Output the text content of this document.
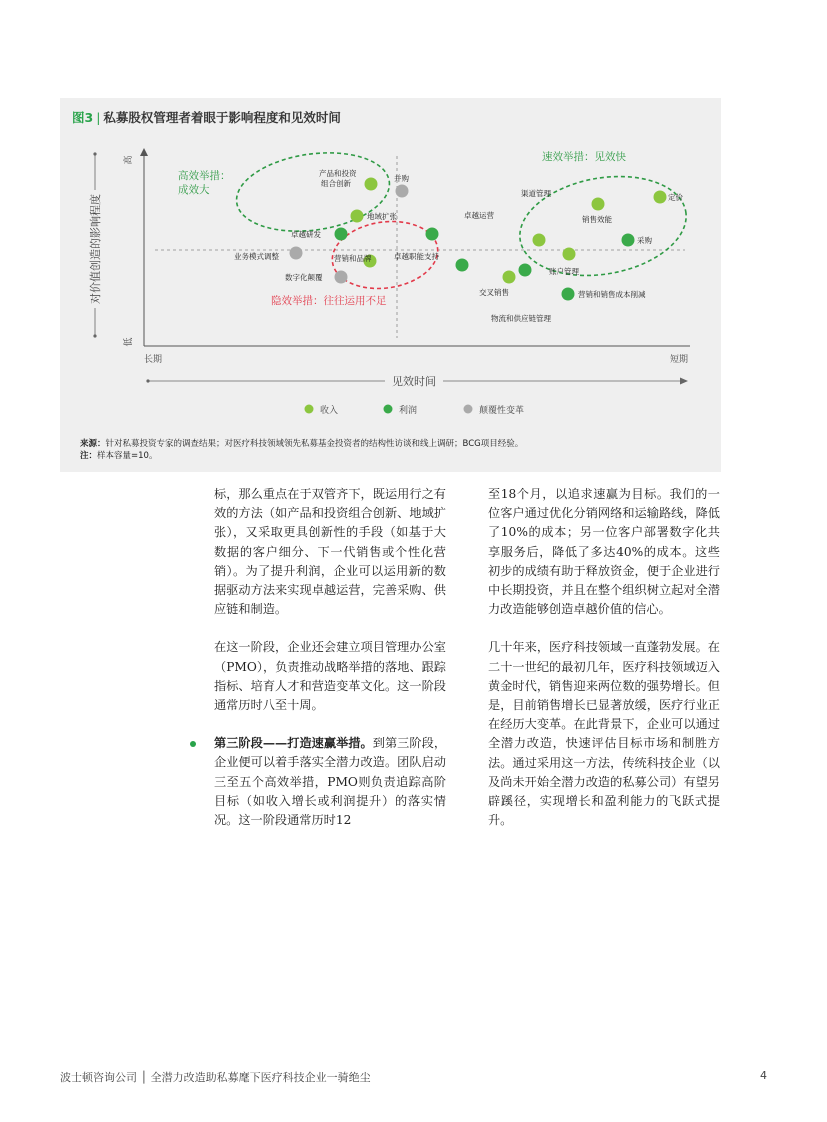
图3 | 私募股权管理者着眼于影响程度和见效时间
对价值创造的影响程度
高
低
长期	短期
见效时间
高效举措：
成效大
速效举措：见效快
隐效举措：往往运用不足
产品和投资
组合创新
并购
地域扩张
卓越研发
卓越运营
渠道管理
销售效能
定价
采购
业务模式调整	营销和品牌	卓越职能支持
数字化颠覆
账户管理
交叉销售
物流和供应链管理
营销和销售成本削减
收入	利润	颠覆性变革
来源：针对私募投资专家的调查结果；对医疗科技领域领先私募基金投资者的结构性访谈和线上调研；BCG项目经验。
注：样本容量=10。

标，那么重点在于双管齐下，既运用行之有效的方法（如产品和投资组合创新、地域扩张），又采取更具创新性的手段（如基于大数据的客户细分、下一代销售或个性化营销）。为了提升利润，企业可以运用新的数据驱动方法来实现卓越运营，完善采购、供应链和制造。

在这一阶段，企业还会建立项目管理办公室（PMO），负责推动战略举措的落地、跟踪指标、培育人才和营造变革文化。这一阶段通常历时八至十周。

第三阶段——打造速赢举措。到第三阶段，企业便可以着手落实全潜力改造。团队启动三至五个高效举措，PMO则负责追踪高阶目标（如收入增长或利润提升）的落实情况。这一阶段通常历时12

至18个月，以追求速赢为目标。我们的一位客户通过优化分销网络和运输路线，降低了10%的成本；另一位客户部署数字化共享服务后，降低了多达40%的成本。这些初步的成绩有助于释放资金，便于企业进行中长期投资，并且在整个组织树立起对全潜力改造能够创造卓越价值的信心。

几十年来，医疗科技领域一直蓬勃发展。在二十一世纪的最初几年，医疗科技领域迈入黄金时代，销售迎来两位数的强势增长。但是，目前销售增长已显著放缓，医疗行业正在经历大变革。在此背景下，企业可以通过全潜力改造，快速评估目标市场和制胜方法。通过采用这一方法，传统科技企业（以及尚未开始全潜力改造的私募公司）有望另辟蹊径，实现增长和盈利能力的飞跃式提升。

波士顿咨询公司 │ 全潜力改造助私募麾下医疗科技企业一骑绝尘	4
